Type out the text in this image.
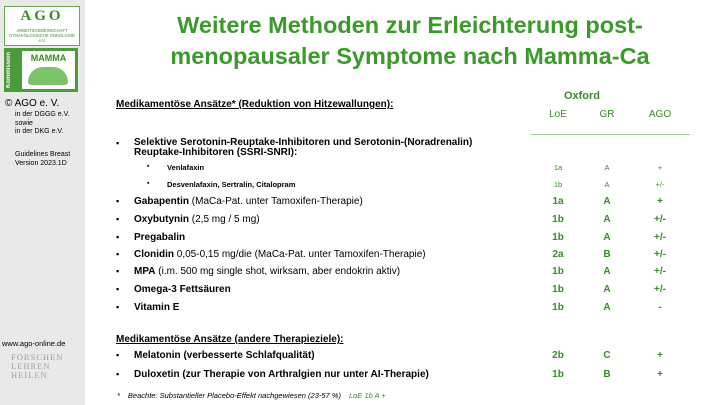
AGO
ARBEITSGEMEINSCHAFT GYNÄKOLOGISCHE ONKOLOGIE e.V.
Kommission	MAMMA
© AGO e. V.
in der DGGG e.V.
sowie
in der DKG e.V.
Guidelines Breast
Version 2023.1D
www.ago-online.de
FORSCHEN
LEHREN
HEILEN
Weitere Methoden zur Erleichterung post-
menopausaler Symptome nach Mamma-Ca
Oxford
LoE	GR	AGO
Medikamentöse Ansätze* (Reduktion von Hitzewallungen):
▪ Selektive Serotonin-Reuptake-Inhibitoren und Serotonin-(Noradrenalin)
Reuptake-Inhibitoren (SSRI-SNRI):
▪ Venlafaxin	1a	A	+
▪ Desvenlafaxin, Sertralin, Citalopram	1b	A	+/-
▪ Gabapentin (MaCa-Pat. unter Tamoxifen-Therapie)	1a	A	+
▪ Oxybutynin (2,5 mg / 5 mg)	1b	A	+/-
▪ Pregabalin	1b	A	+/-
▪ Clonidin 0,05-0,15 mg/die (MaCa-Pat. unter Tamoxifen-Therapie)	2a	B	+/-
▪ MPA (i.m. 500 mg single shot, wirksam, aber endokrin aktiv)	1b	A	+/-
▪ Omega-3 Fettsäuren	1b	A	+/-
▪ Vitamin E	1b	A	-
Medikamentöse Ansätze (andere Therapieziele):
▪ Melatonin (verbesserte Schlafqualität)	2b	C	+
▪ Duloxetin (zur Therapie von Arthralgien nur unter AI-Therapie)	1b	B	+
* Beachte: Substantieller Placebo-Effekt nachgewiesen (23-57 %) LoE 1b A +
